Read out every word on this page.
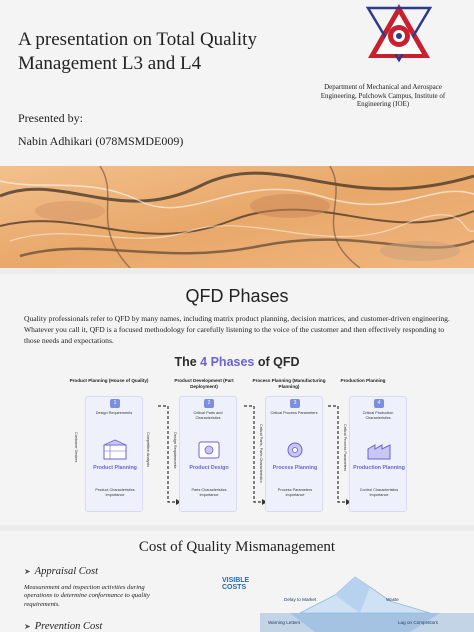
A presentation on Total Quality Management L3 and L4
Presented by:
Nabin Adhikari (078MSMDE009)
Department of Mechanical and Aerospace Engineering, Pulchowk Campus, Institute of Engineering (IOE)
QFD Phases
Quality professionals refer to QFD by many names, including matrix product planning, decision matrices, and customer-driven engineering. Whatever you call it, QFD is a focused methodology for carefully listening to the voice of the customer and then effectively responding to those needs and expectations.
The 4 Phases of QFD
Product Planning (House of Quality)	Product Development (Part Deployment)
Process Planning (Manufacturing Planning)
Production Planning
1
Design Requirements
Product Planning
Product Characteristics Importance
Customer Desires	Competitive Analysis
2
Critical Parts and Characteristics
Product Design
Parts Characteristics Importance
Design Requirements
3
Critical Process Parameters
Process Planning
Process Parameters Importance
Critical Parts, Parts Characteristics
4
Critical Production Characteristics
Production Planning
Control Characteristics Importance
Critical Process Parameters
Cost of Quality Mismanagement
➤ Appraisal Cost
Measurement and inspection activities during operations to determine conformance to quality requirements.
➤ Prevention Cost
VISIBLE COSTS
Delay to Market	Waste
Warning Letters	Lag on Competitors
